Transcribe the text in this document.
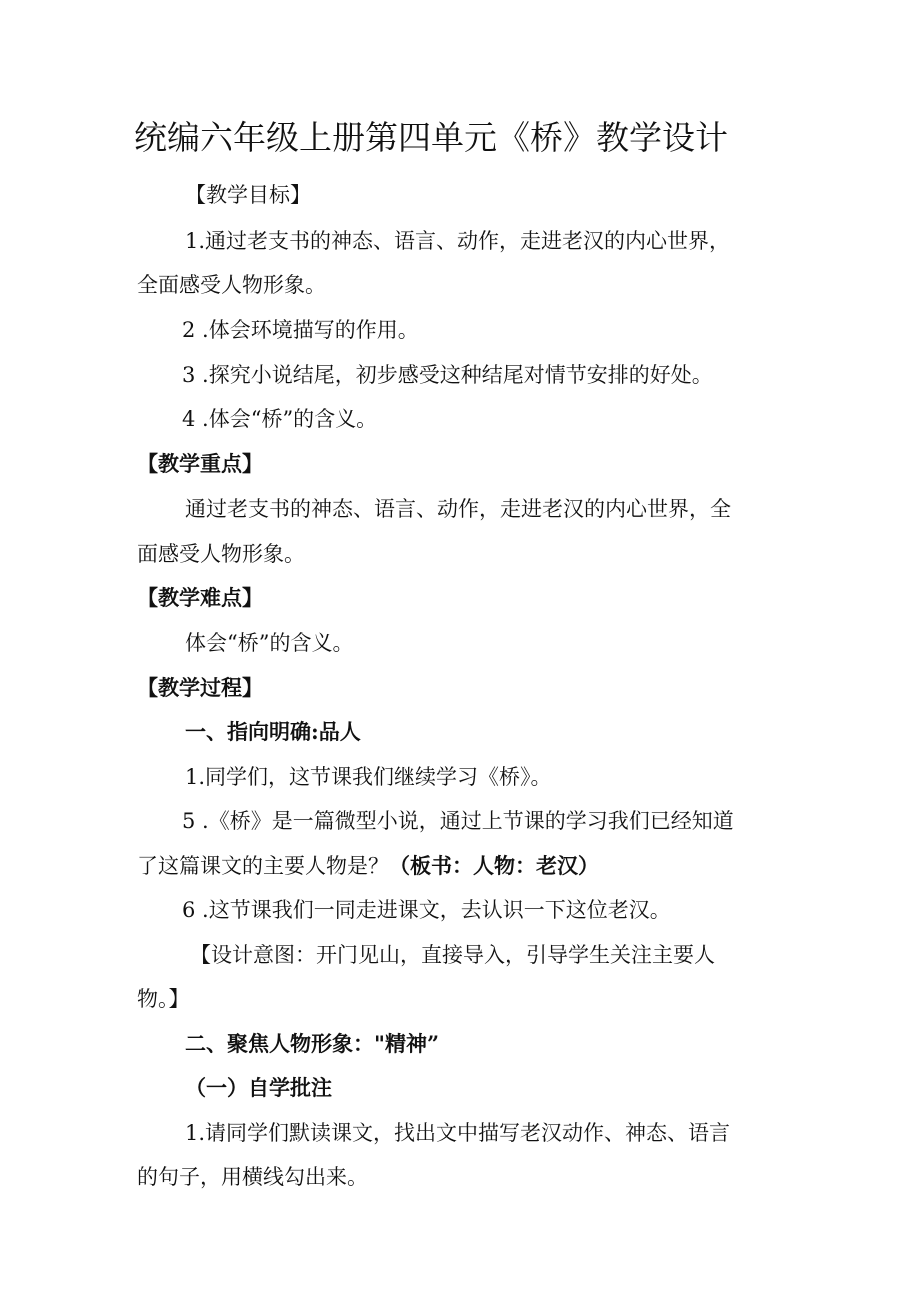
统编六年级上册第四单元《桥》教学设计

【教学目标】

1.通过老支书的神态、语言、动作，走进老汉的内心世界，

全面感受人物形象。

2 .体会环境描写的作用。

3 .探究小说结尾，初步感受这种结尾对情节安排的好处。

4 .体会“桥”的含义。

【教学重点】

通过老支书的神态、语言、动作，走进老汉的内心世界，全

面感受人物形象。

【教学难点】

体会“桥”的含义。

【教学过程】

一、指向明确:品人

1.同学们，这节课我们继续学习《桥》。

5 .《桥》是一篇微型小说，通过上节课的学习我们已经知道

了这篇课文的主要人物是？（板书：人物：老汉）

6 .这节课我们一同走进课文，去认识一下这位老汉。

【设计意图：开门见山，直接导入，引导学生关注主要人

物。】

二、聚焦人物形象："精神”

（一）自学批注

1.请同学们默读课文，找出文中描写老汉动作、神态、语言

的句子，用横线勾出来。
